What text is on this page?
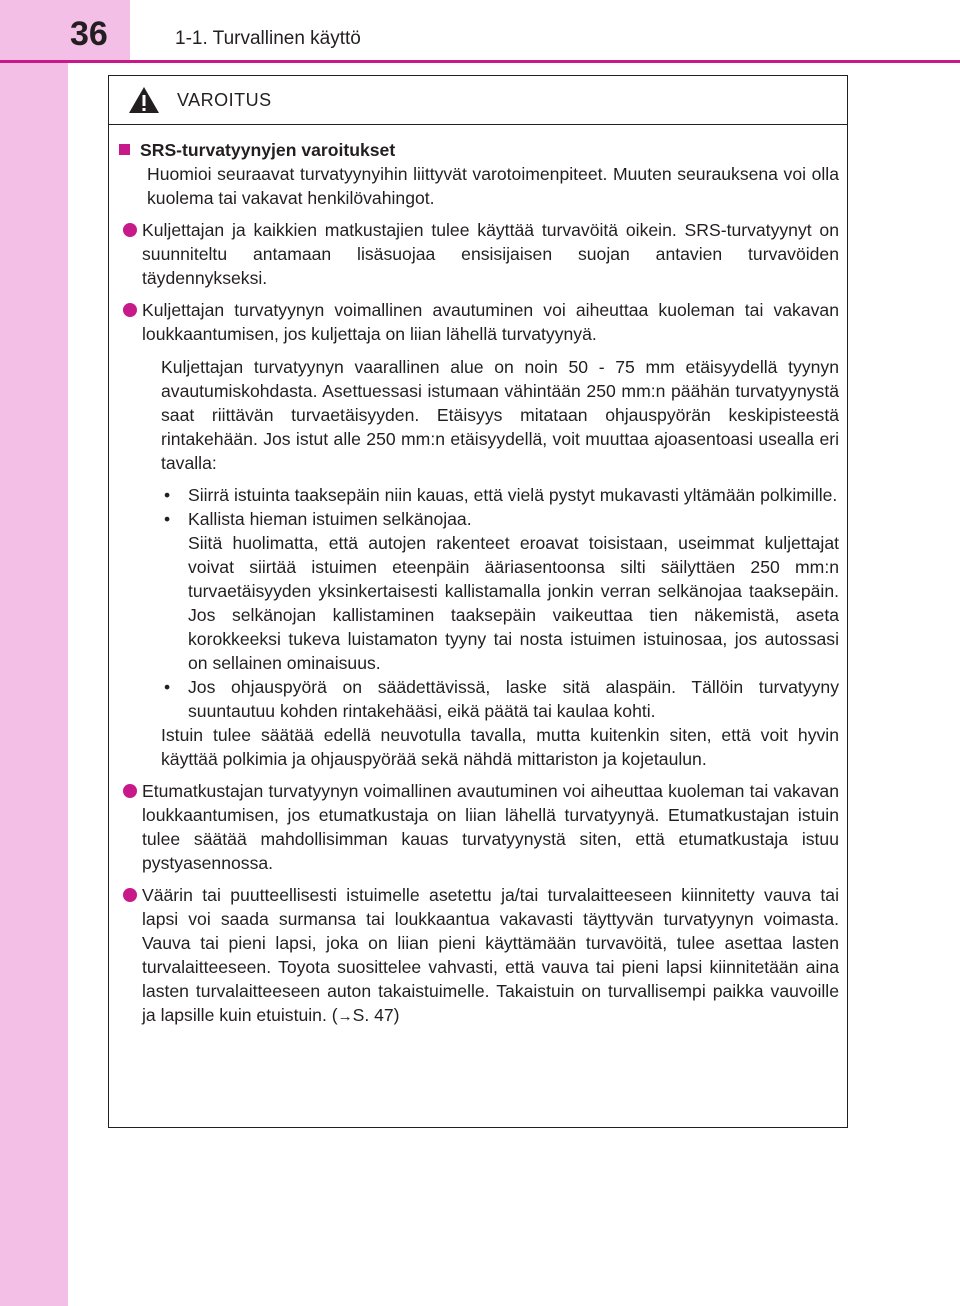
36	1-1. Turvallinen käyttö
VAROITUS
SRS-turvatyynyjen varoitukset
Huomioi seuraavat turvatyynyihin liittyvät varotoimenpiteet. Muuten seurauksena voi olla kuolema tai vakavat henkilövahingot.
Kuljettajan ja kaikkien matkustajien tulee käyttää turvavöitä oikein. SRS-turvatyynyt on suunniteltu antamaan lisäsuojaa ensisijaisen suojan antavien turvavöiden täydennykseksi.
Kuljettajan turvatyynyn voimallinen avautuminen voi aiheuttaa kuoleman tai vakavan loukkaantumisen, jos kuljettaja on liian lähellä turvatyynyä.
Kuljettajan turvatyynyn vaarallinen alue on noin 50 - 75 mm etäisyydellä tyynyn avautumiskohdasta. Asettuessasi istumaan vähintään 250 mm:n päähän turvatyynystä saat riittävän turvaetäisyyden. Etäisyys mitataan ohjauspyörän keskipisteestä rintakehään. Jos istut alle 250 mm:n etäisyydellä, voit muuttaa ajoasentoasi usealla eri tavalla:
•	Siirrä istuinta taaksepäin niin kauas, että vielä pystyt mukavasti yltämään polkimille.
•	Kallista hieman istuimen selkänojaa.
Siitä huolimatta, että autojen rakenteet eroavat toisistaan, useimmat kuljettajat voivat siirtää istuimen eteenpäin ääriasentoonsa silti säilyttäen 250 mm:n turvaetäisyyden yksinkertaisesti kallistamalla jonkin verran selkänojaa taaksepäin. Jos selkänojan kallistaminen taaksepäin vaikeuttaa tien näkemistä, aseta korokkeeksi tukeva luistamaton tyyny tai nosta istuimen istuinosaa, jos autossasi on sellainen ominaisuus.
•	Jos ohjauspyörä on säädettävissä, laske sitä alaspäin. Tällöin turvatyyny suuntautuu kohden rintakehääsi, eikä päätä tai kaulaa kohti.
Istuin tulee säätää edellä neuvotulla tavalla, mutta kuitenkin siten, että voit hyvin käyttää polkimia ja ohjauspyörää sekä nähdä mittariston ja kojetaulun.
Etumatkustajan turvatyynyn voimallinen avautuminen voi aiheuttaa kuoleman tai vakavan loukkaantumisen, jos etumatkustaja on liian lähellä turvatyynyä. Etumatkustajan istuin tulee säätää mahdollisimman kauas turvatyynystä siten, että etumatkustaja istuu pystyasennossa.
Väärin tai puutteellisesti istuimelle asetettu ja/tai turvalaitteeseen kiinnitetty vauva tai lapsi voi saada surmansa tai loukkaantua vakavasti täyttyvän turvatyynyn voimasta. Vauva tai pieni lapsi, joka on liian pieni käyttämään turvavöitä, tulee asettaa lasten turvalaitteeseen. Toyota suosittelee vahvasti, että vauva tai pieni lapsi kiinnitetään aina lasten turvalaitteeseen auton takaistuimelle. Takaistuin on turvallisempi paikka vauvoille ja lapsille kuin etuistuin. (→S. 47)
